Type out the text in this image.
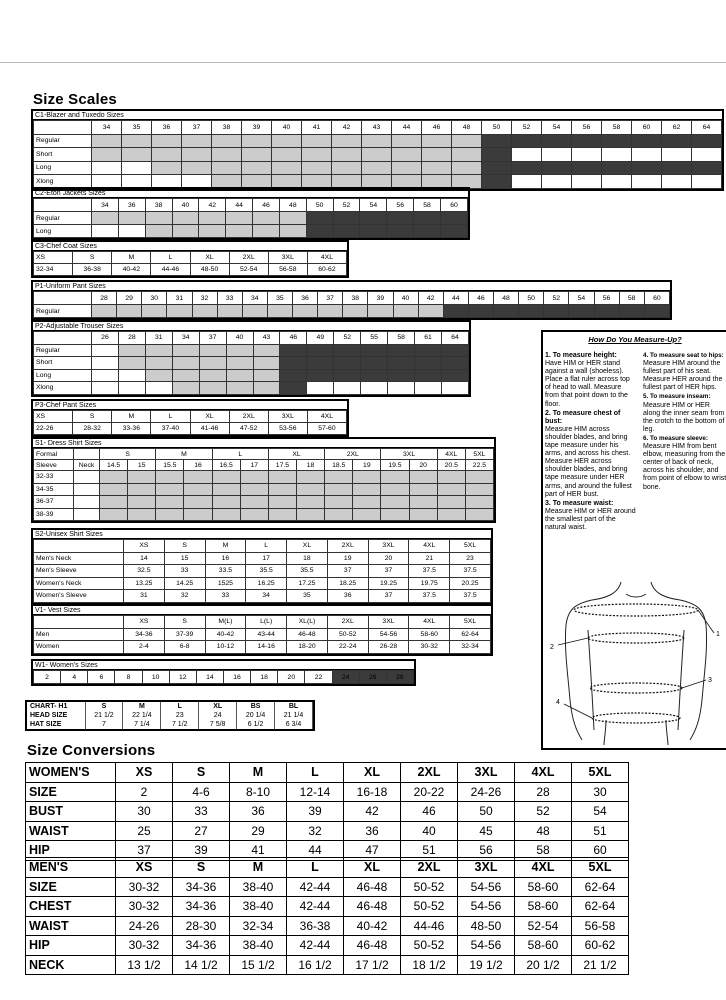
Size Scales
C1-Blazer and Tuxedo Sizes
	34	35	36	37	38	39	40	41	42	43	44	46	48	50	52	54	56	58	60	62	64
Regular																					
Short																					
Long																					
Xlong																					
C2-Eton Jackets Sizes
	34	36	38	40	42	44	46	48	50	52	54	56	58	60
Regular														
Long														
C3-Chef Coat Sizes
XS	S	M	L	XL	2XL	3XL	4XL
32-34	36-38	40-42	44-46	48-50	52-54	56-58	60-62
P1-Uniform Pant Sizes
	28	29	30	31	32	33	34	35	36	37	38	39	40	42	44	46	48	50	52	54	56	58	60
Regular																							
P2-Adjustable Trouser Sizes
	26	28	31	34	37	40	43	46	49	52	55	58	61	64
Regular														
Short														
Long														
Xlong														
P3-Chef Pant Sizes
XS	S	M	L	XL	2XL	3XL	4XL
22-26	28-32	33-36	37-40	41-46	47-52	53-56	57-60
S1- Dress Shirt Sizes
Formal		S		M		L		XL		2XL		3XL		4XL	5XL
Sleeve	Neck	14.5	15	15.5	16	16.5	17	17.5	18	18.5	19	19.5	20	20.5	22.5
32-33															
34-35															
36-37															
38-39															
S2-Unisex Shirt Sizes
	XS	S	M	L	XL	2XL	3XL	4XL	5XL
Men's Neck	14	15	16	17	18	19	20	21	23
Men's Sleeve	32.5	33	33.5	35.5	35.5	37	37	37.5	37.5
Women's Neck	13.25	14.25	1525	16.25	17.25	18.25	19.25	19.75	20.25
Women's Sleeve	31	32	33	34	35	36	37	37.5	37.5
V1- Vest Sizes
	XS	S	M(L)	L(L)	XL(L)	2XL	3XL	4XL	5XL
Men	34-36	37-39	40-42	43-44	46-48	50-52	54-56	58-60	62-64
Women	2-4	6-8	10-12	14-16	18-20	22-24	26-28	30-32	32-34
W1- Women's Sizes
2	4	6	8	10	12	14	16	18	20	22	24	26	28
CHART- H1	S	M	L	XL	BS	BL
HEAD SIZE	21 1/2	22 1/4	23	24	20 1/4	21 1/4
HAT SIZE	7	7 1/4	7 1/2	7 5/8	6 1/2	6 3/4
How Do You Measure-Up?
1. To measure height:
Have HIM or HER stand against a wall (shoeless). Place a flat ruler across top of head to wall. Measure from that point down to the floor.
2. To measure chest of bust:
Measure HIM across shoulder blades, and bring tape measure under his arms, and across his chest. Measure HER across shoulder blades, and bring tape measure under HER arms, and around the fullest part of HER bust.
3. To measure waist:
Measure HIM or HER around the smallest part of the natural waist.
4. To measure seat to hips:
Measure HIM around the fullest part of his seat. Measure HER around the fullest part of HER hips.
5. To measure inseam:
Measure HIM or HER along the inner seam from the crotch to the bottom of leg.
6. To measure sleeve:
Measure HIM from bent elbow, measuring from the center of back of neck, across his shoulder, and from point of elbow to wrist bone.
1
2
3
4
Size Conversions
WOMEN'S	XS	S	M	L	XL	2XL	3XL	4XL	5XL
SIZE	2	4-6	8-10	12-14	16-18	20-22	24-26	28	30
BUST	30	33	36	39	42	46	50	52	54
WAIST	25	27	29	32	36	40	45	48	51
HIP	37	39	41	44	47	51	56	58	60
MEN'S	XS	S	M	L	XL	2XL	3XL	4XL	5XL
SIZE	30-32	34-36	38-40	42-44	46-48	50-52	54-56	58-60	62-64
CHEST	30-32	34-36	38-40	42-44	46-48	50-52	54-56	58-60	62-64
WAIST	24-26	28-30	32-34	36-38	40-42	44-46	48-50	52-54	56-58
HIP	30-32	34-36	38-40	42-44	46-48	50-52	54-56	58-60	60-62
NECK	13 1/2	14 1/2	15 1/2	16 1/2	17 1/2	18 1/2	19 1/2	20 1/2	21 1/2
